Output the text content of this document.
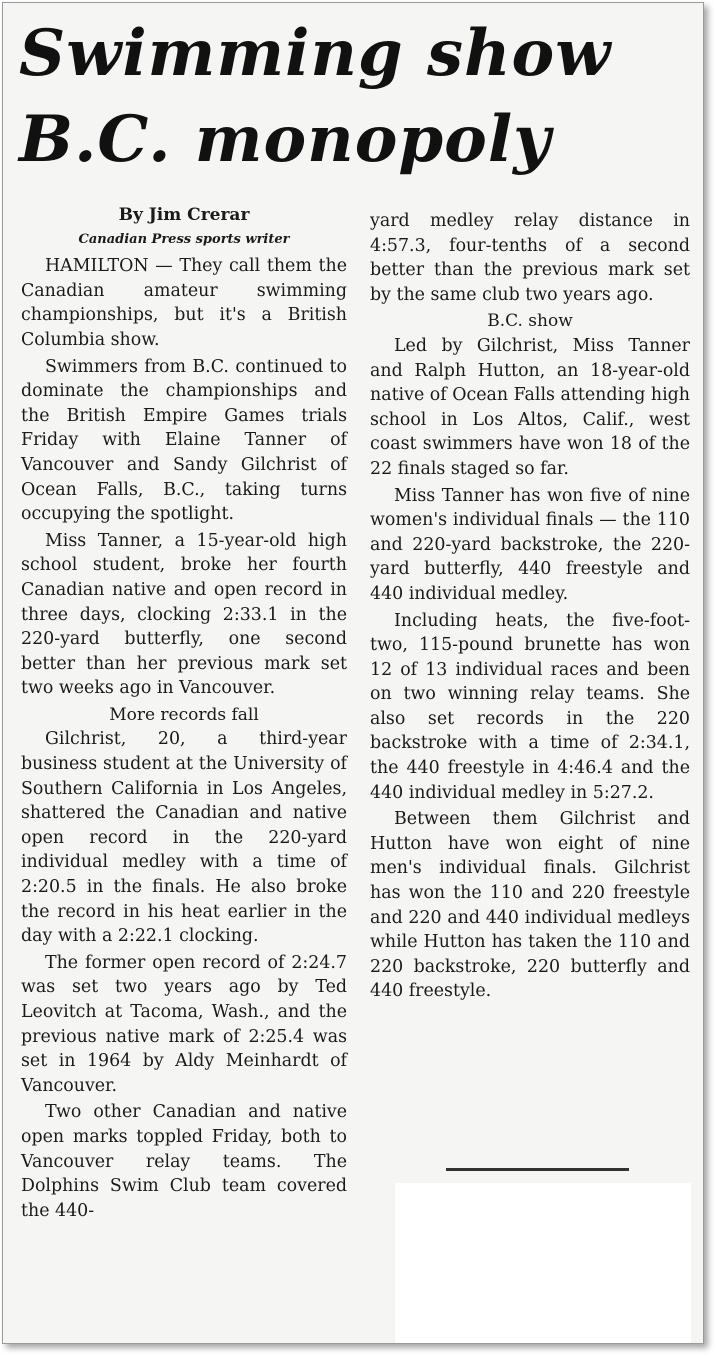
Swimming show
B.C. monopoly

By Jim Crerar

Canadian Press sports writer

HAMILTON — They call them the Canadian amateur swimming championships, but it's a British Columbia show.

Swimmers from B.C. continued to dominate the championships and the British Empire Games trials Friday with Elaine Tanner of Vancouver and Sandy Gilchrist of Ocean Falls, B.C., taking turns occupying the spotlight.

Miss Tanner, a 15-year-old high school student, broke her fourth Canadian native and open record in three days, clocking 2:33.1 in the 220-yard butterfly, one second better than her previous mark set two weeks ago in Vancouver.

More records fall

Gilchrist, 20, a third-year business student at the University of Southern California in Los Angeles, shattered the Canadian and native open record in the 220-yard individual medley with a time of 2:20.5 in the finals. He also broke the record in his heat earlier in the day with a 2:22.1 clocking.

The former open record of 2:24.7 was set two years ago by Ted Leovitch at Tacoma, Wash., and the previous native mark of 2:25.4 was set in 1964 by Aldy Meinhardt of Vancouver.

Two other Canadian and native open marks toppled Friday, both to Vancouver relay teams. The Dolphins Swim Club team covered the 440-

yard medley relay distance in 4:57.3, four-tenths of a second better than the previous mark set by the same club two years ago.

B.C. show

Led by Gilchrist, Miss Tanner and Ralph Hutton, an 18-year-old native of Ocean Falls attending high school in Los Altos, Calif., west coast swimmers have won 18 of the 22 finals staged so far.

Miss Tanner has won five of nine women's individual finals — the 110 and 220-yard backstroke, the 220-yard butterfly, 440 freestyle and 440 individual medley.

Including heats, the five-foot-two, 115-pound brunette has won 12 of 13 individual races and been on two winning relay teams. She also set records in the 220 backstroke with a time of 2:34.1, the 440 freestyle in 4:46.4 and the 440 individual medley in 5:27.2.

Between them Gilchrist and Hutton have won eight of nine men's individual finals. Gilchrist has won the 110 and 220 freestyle and 220 and 440 individual medleys while Hutton has taken the 110 and 220 backstroke, 220 butterfly and 440 freestyle.
